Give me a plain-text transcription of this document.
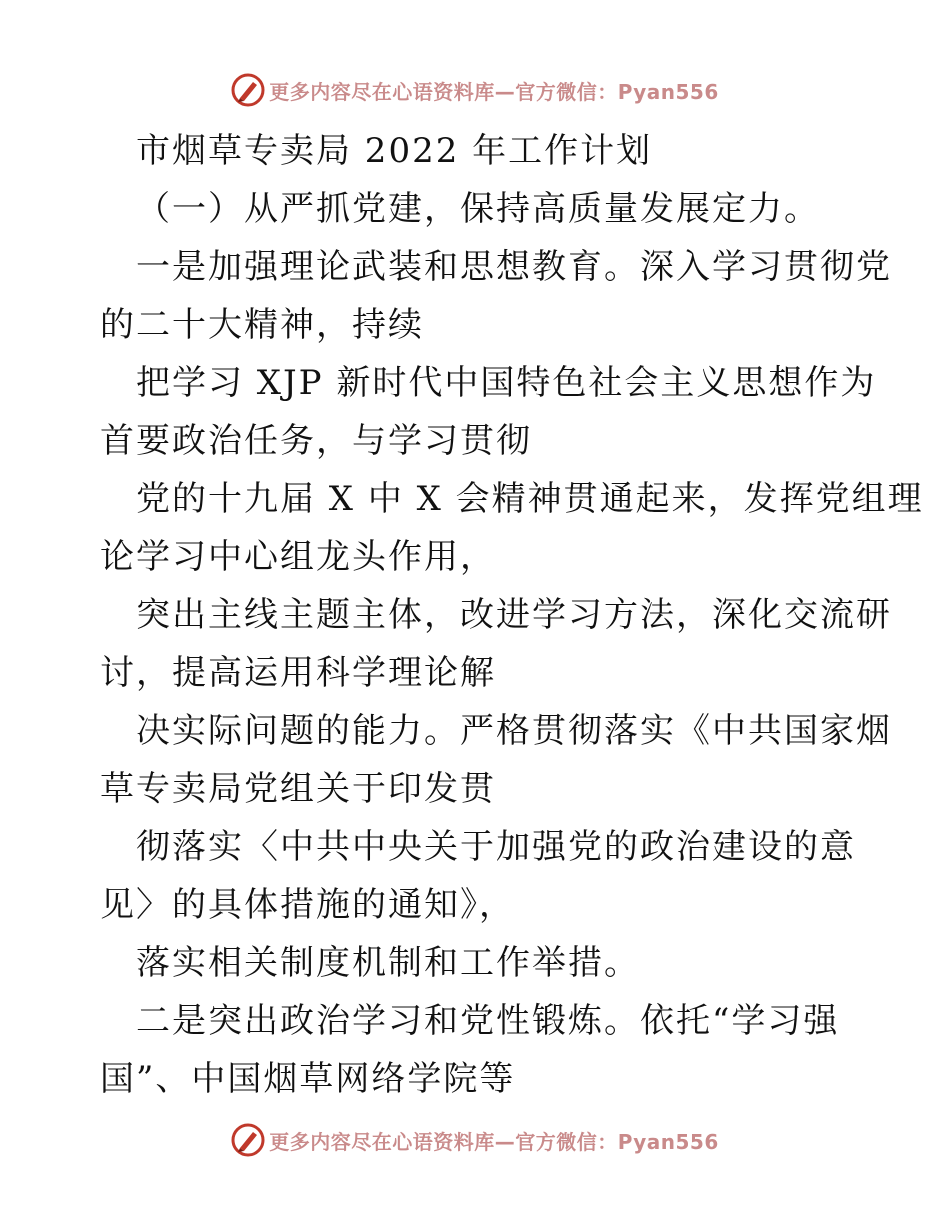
更多内容尽在心语资料库—官方微信：Pyan556
市烟草专卖局 2022 年工作计划
（一）从严抓党建，保持高质量发展定力。
一是加强理论武装和思想教育。深入学习贯彻党
的二十大精神，持续
把学习 XJP 新时代中国特色社会主义思想作为
首要政治任务，与学习贯彻
党的十九届 X 中 X 会精神贯通起来，发挥党组理
论学习中心组龙头作用，
突出主线主题主体，改进学习方法，深化交流研
讨，提高运用科学理论解
决实际问题的能力。严格贯彻落实《中共国家烟
草专卖局党组关于印发贯
彻落实〈中共中央关于加强党的政治建设的意
见〉的具体措施的通知》，
落实相关制度机制和工作举措。
二是突出政治学习和党性锻炼。依托“学习强
国”、中国烟草网络学院等
更多内容尽在心语资料库—官方微信：Pyan556
